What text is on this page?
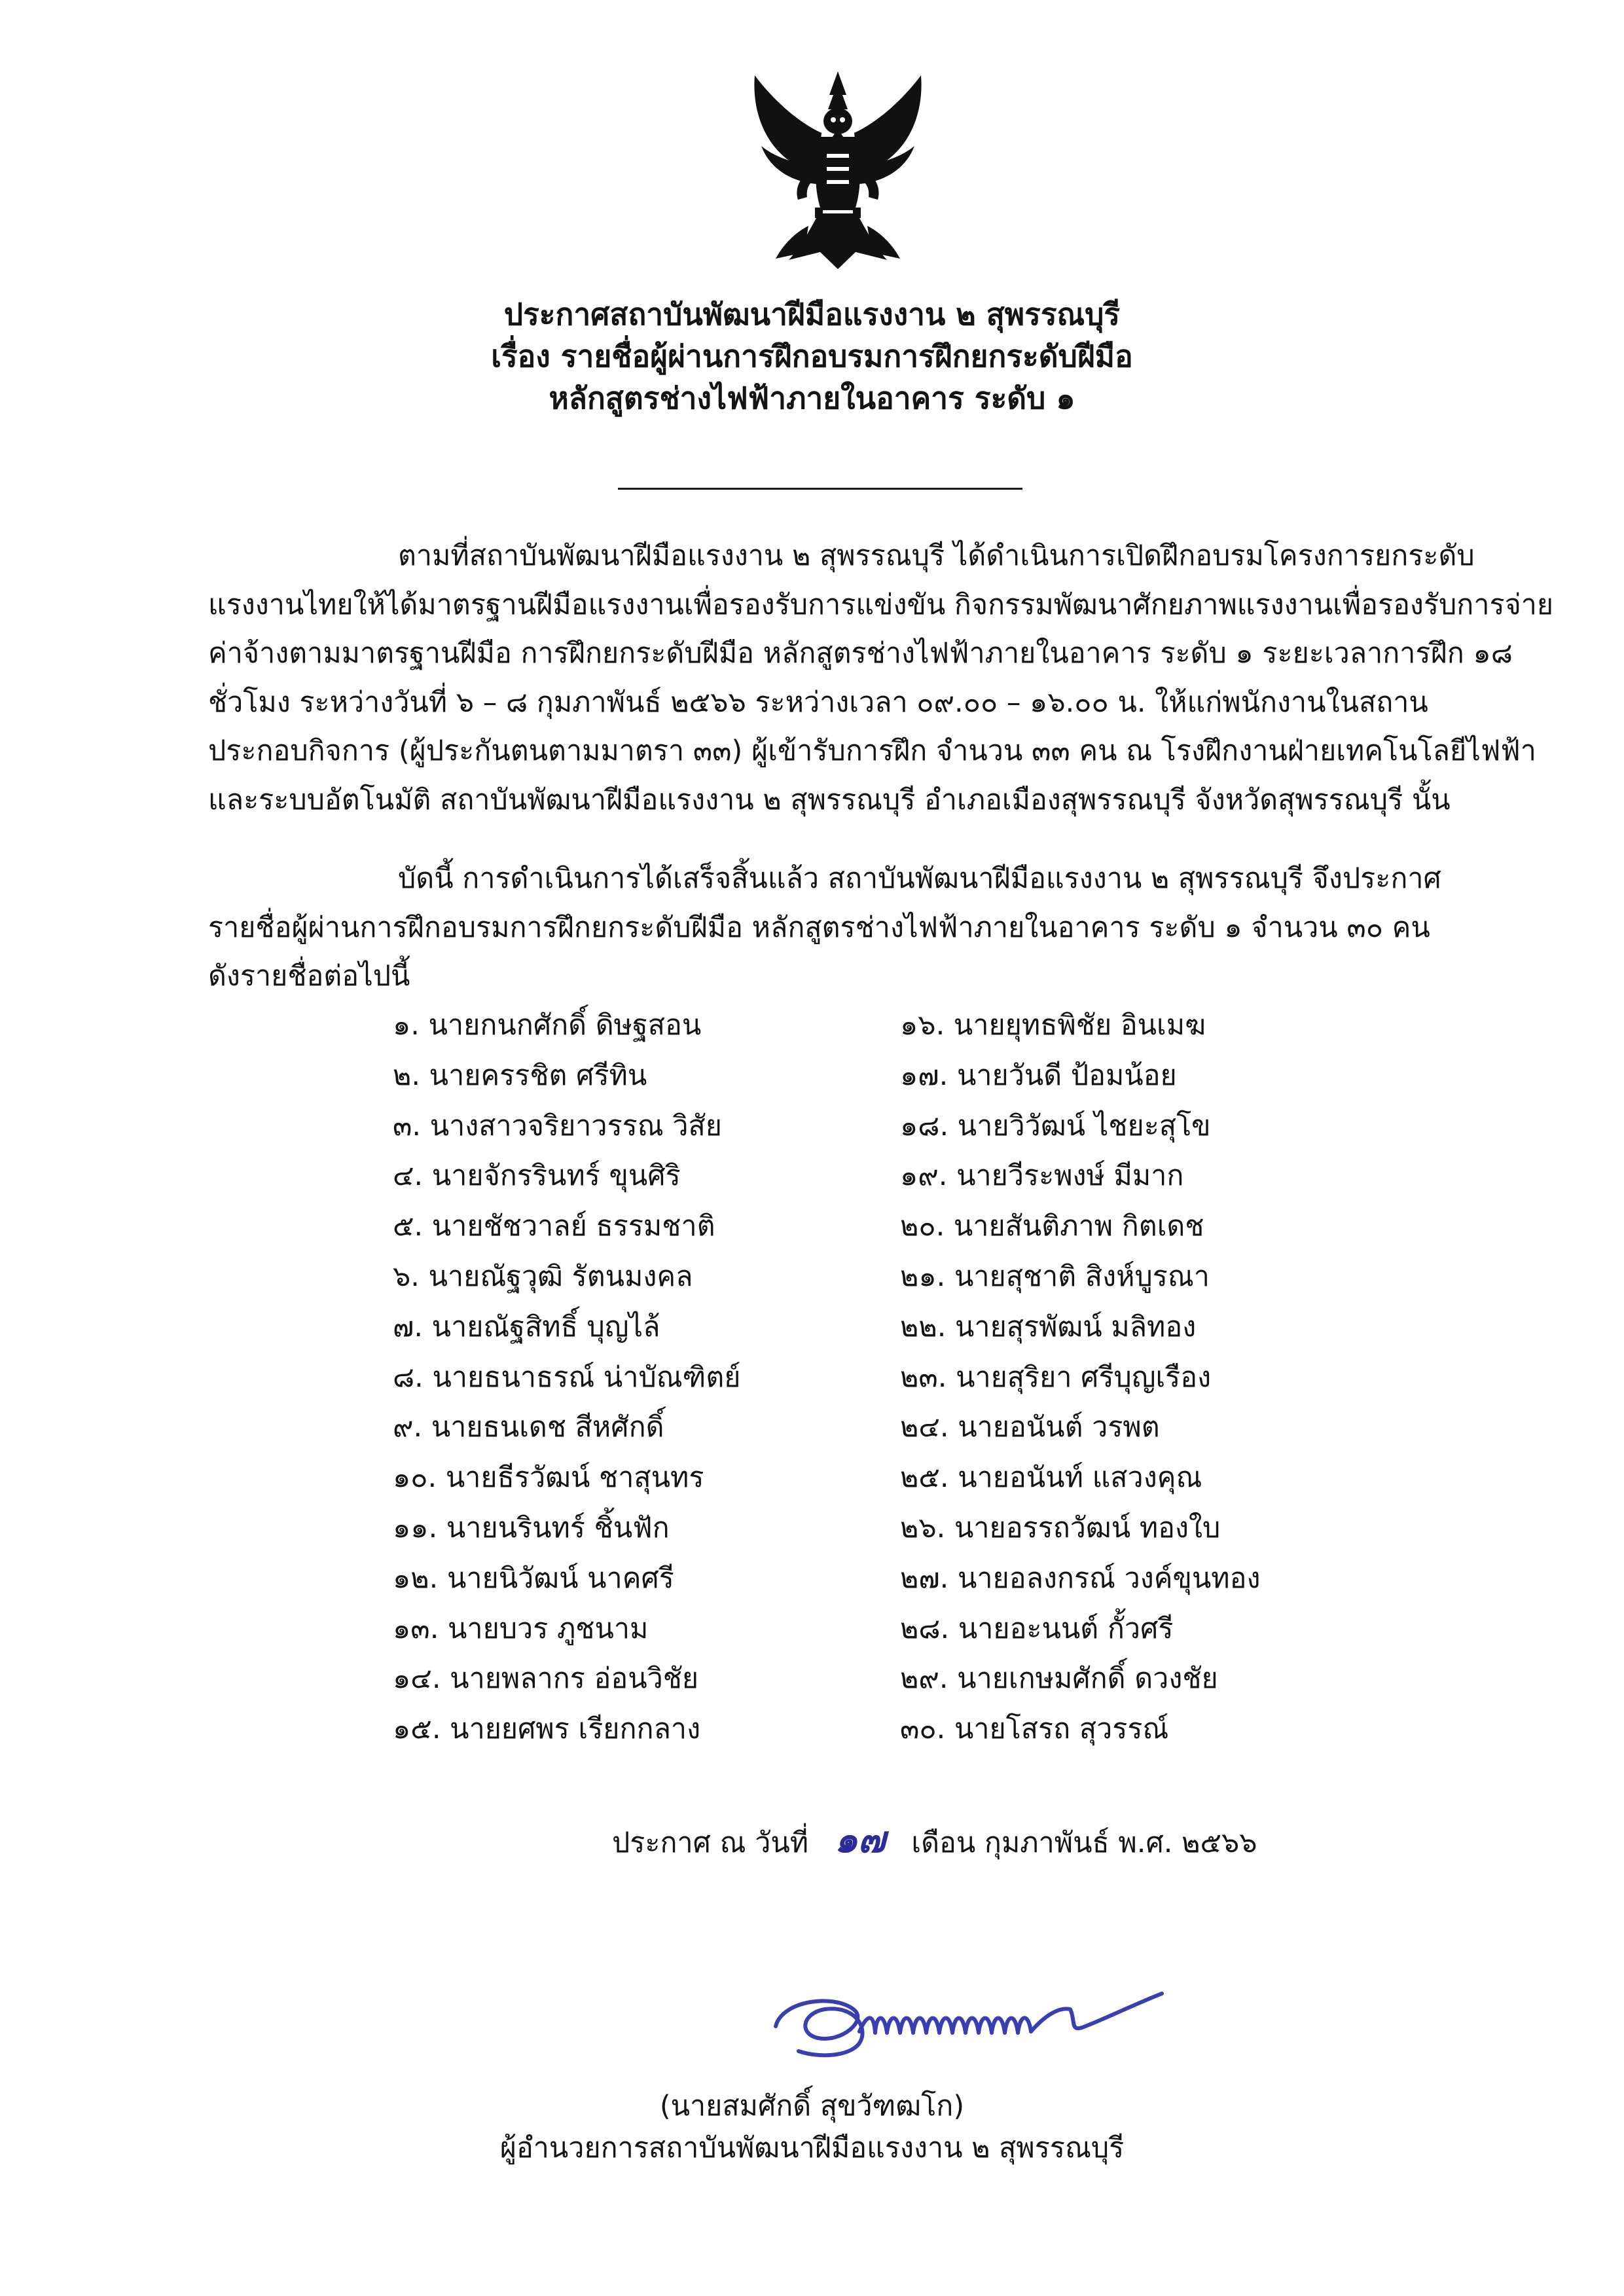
ประกาศสถาบันพัฒนาฝีมือแรงงาน ๒ สุพรรณบุรี
เรื่อง รายชื่อผู้ผ่านการฝึกอบรมการฝึกยกระดับฝีมือ
หลักสูตรช่างไฟฟ้าภายในอาคาร ระดับ ๑
ตามที่สถาบันพัฒนาฝีมือแรงงาน ๒ สุพรรณบุรี ได้ดำเนินการเปิดฝึกอบรมโครงการยกระดับ
แรงงานไทยให้ได้มาตรฐานฝีมือแรงงานเพื่อรองรับการแข่งขัน กิจกรรมพัฒนาศักยภาพแรงงานเพื่อรองรับการจ่าย
ค่าจ้างตามมาตรฐานฝีมือ การฝึกยกระดับฝีมือ หลักสูตรช่างไฟฟ้าภายในอาคาร ระดับ ๑ ระยะเวลาการฝึก ๑๘
ชั่วโมง ระหว่างวันที่ ๖ – ๘ กุมภาพันธ์ ๒๕๖๖ ระหว่างเวลา ๐๙.๐๐ – ๑๖.๐๐ น. ให้แก่พนักงานในสถาน
ประกอบกิจการ (ผู้ประกันตนตามมาตรา ๓๓) ผู้เข้ารับการฝึก จำนวน ๓๓ คน ณ โรงฝึกงานฝ่ายเทคโนโลยีไฟฟ้า
และระบบอัตโนมัติ สถาบันพัฒนาฝีมือแรงงาน ๒ สุพรรณบุรี อำเภอเมืองสุพรรณบุรี จังหวัดสุพรรณบุรี นั้น
บัดนี้ การดำเนินการได้เสร็จสิ้นแล้ว สถาบันพัฒนาฝีมือแรงงาน ๒ สุพรรณบุรี จึงประกาศ
รายชื่อผู้ผ่านการฝึกอบรมการฝึกยกระดับฝีมือ หลักสูตรช่างไฟฟ้าภายในอาคาร ระดับ ๑ จำนวน ๓๐ คน
ดังรายชื่อต่อไปนี้
๑. นายกนกศักดิ์ ดิษฐสอน
๒. นายครรชิต ศรีทิน
๓. นางสาวจริยาวรรณ วิสัย
๔. นายจักรรินทร์ ขุนศิริ
๕. นายชัชวาลย์ ธรรมชาติ
๖. นายณัฐวุฒิ รัตนมงคล
๗. นายณัฐสิทธิ์ บุญไล้
๘. นายธนาธรณ์ น่าบัณฑิตย์
๙. นายธนเดช สีหศักดิ์
๑๐. นายธีรวัฒน์ ชาสุนทร
๑๑. นายนรินทร์ ชิ้นฟัก
๑๒. นายนิวัฒน์ นาคศรี
๑๓. นายบวร ภูชนาม
๑๔. นายพลากร อ่อนวิชัย
๑๕. นายยศพร เรียกกลาง
๑๖. นายยุทธพิชัย อินเมฆ
๑๗. นายวันดี ป้อมน้อย
๑๘. นายวิวัฒน์ ไชยะสุโข
๑๙. นายวีระพงษ์ มีมาก
๒๐. นายสันติภาพ กิตเดช
๒๑. นายสุชาติ สิงห์บูรณา
๒๒. นายสุรพัฒน์ มลิทอง
๒๓. นายสุริยา ศรีบุญเรือง
๒๔. นายอนันต์ วรพต
๒๕. นายอนันท์ แสวงคุณ
๒๖. นายอรรถวัฒน์ ทองใบ
๒๗. นายอลงกรณ์ วงค์ขุนทอง
๒๘. นายอะนนต์ กั้วศรี
๒๙. นายเกษมศักดิ์ ดวงชัย
๓๐. นายโสรถ สุวรรณ์
ประกาศ ณ วันที่ ๑๗ เดือน กุมภาพันธ์ พ.ศ. ๒๕๖๖
(นายสมศักดิ์ สุขวัฑฒโก)
ผู้อำนวยการสถาบันพัฒนาฝีมือแรงงาน ๒ สุพรรณบุรี
